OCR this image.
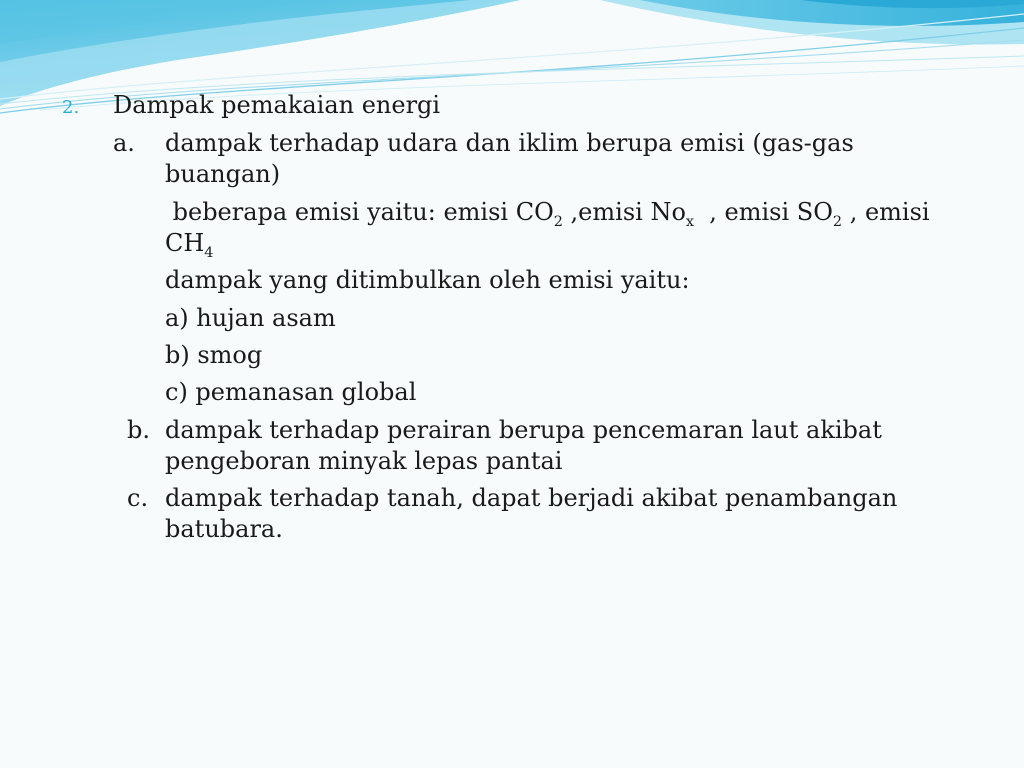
2. Dampak pemakaian energi
a. dampak terhadap udara dan iklim berupa emisi (gas-gas
buangan)
beberapa emisi yaitu: emisi $CO_2$ ,emisi $No_x$  , emisi $SO_2$ , emisi
$CH_4$
dampak yang ditimbulkan oleh emisi yaitu:
a) hujan asam
b) smog
c) pemanasan global
b. dampak terhadap perairan berupa pencemaran laut akibat
pengeboran minyak lepas pantai
c. dampak terhadap tanah, dapat berjadi akibat penambangan
batubara.
